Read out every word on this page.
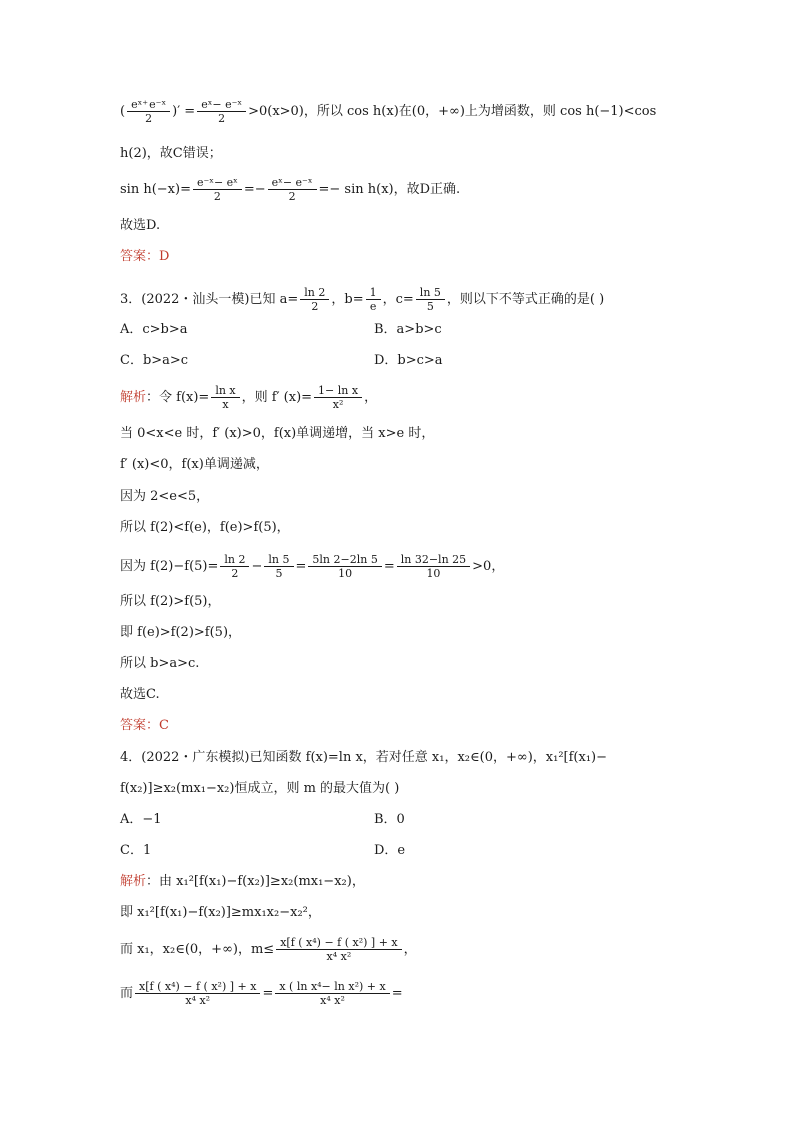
( $\frac{\text{eˣ⁺ e⁻ˣ}}{2}$ )′ = $\frac{\text{eˣ− e⁻ˣ}}{2} >0(x>0)$，所以 cos h(x)在(0，+∞)上为增函数，则 cos h(−1)<cos
h(2)，故C错误；
$\sin h(-x)= \frac{\text{e⁻ˣ− eˣ}}{2} =- \frac{\text{eˣ− e⁻ˣ}}{2} =- \sin h(x)$，故D正确.
故选D.
答案：D
3．(2022・汕头一模)已知 $a= \frac{\ln 2}{2}$ ，$b= \frac{1}{e}$ ，$c= \frac{\ln 5}{5}$ ，则以下不等式正确的是( )
A．c>b>a	B．a>b>c
C．b>a>c	D．b>c>a
解析：令 $f(x)= \frac{\text{ln x}}{x}$ ，则 f′ $(x)= \frac{\text{1− ln x}}{\text{x²}}$ ，
当 0<x<e 时，f′ (x)>0，f(x)单调递增，当 x>e 时，
f′ (x)<0，f(x)单调递减，
因为 2<e<5，
所以 f(2)<f(e)，f(e)>f(5)，
因为 $f(2)-f(5)= \frac{\ln 2}{2} - \frac{\ln 5}{5} = \frac{5\ln 2-2\ln 5}{10} = \frac{\ln 32-\ln 25}{10} >0$，
所以 f(2)>f(5)，
即 f(e)>f(2)>f(5)，
所以 b>a>c.
故选C.
答案：C
4．(2022・广东模拟)已知函数 f(x)=ln x，若对任意 x₁，x₂∈(0，+∞)，x₁²[f(x₁)−
f(x₂)]≥x₂(mx₁−x₂)恒成立，则 m 的最大值为( )
A．−1	B．0
C．1	D．e
解析：由 x₁²[f(x₁)−f(x₂)]≥x₂(mx₁−x₂)，
即 x₁²[f(x₁)−f(x₂)]≥mx₁x₂−x₂²，
而 x₁，x₂∈(0，+∞)，$m\le \frac{\text{x[f ( x⁴) − f ( x²) ] + x}}{\text{x⁴ x²}}$ ，
而 $\frac{\text{x[f ( x⁴) − f ( x²) ] + x}}{\text{x⁴ x²}} = \frac{\text{x ( ln x⁴− ln x²) + x}}{\text{x⁴ x²}}$ =
